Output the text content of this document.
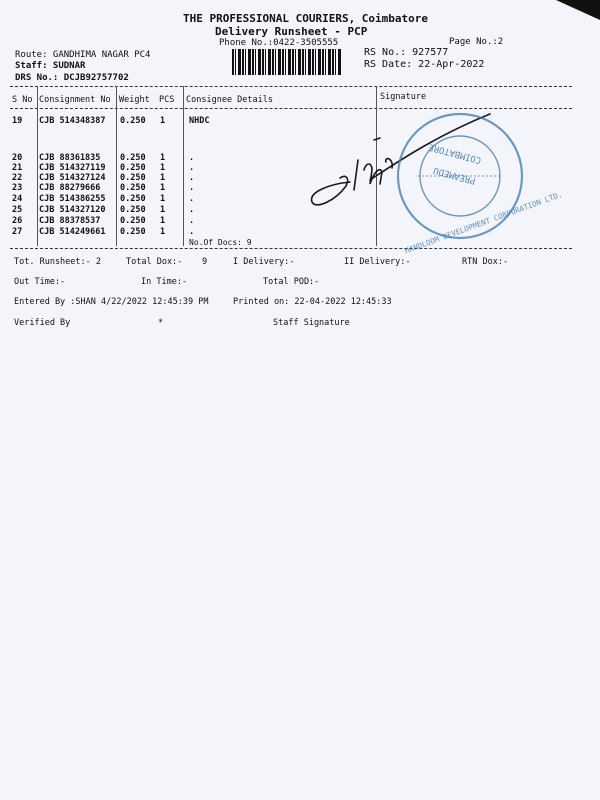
THE PROFESSIONAL COURIERS, Coimbatore
Delivery Runsheet - PCP
Phone No.:0422-3505555	Page No.:2
Route: GANDHIMA NAGAR PC4
Staff: SUDNAR
DRS No.: DCJB92757702
RS No.: 927577
RS Date: 22-Apr-2022
S No Consignment No Weight PCS Consignee Details	Signature
19 CJB 514348387 0.250 1	NHDC
20 CJB 88361835 0.250 1	.
21 CJB 514327119 0.250 1	.
22 CJB 514327124 0.250 1	.
23 CJB 88279666 0.250 1	.
24 CJB 514386255 0.250 1	.
25 CJB 514327120 0.250 1	.
26 CJB 88378537 0.250 1	.
27 CJB 514249661 0.250 1	.
No.Of Docs: 9
COIMBATORE
PREAMEDU
HANDLOOM DEVELOPMENT CORPORATION LTD.
Tot. Runsheet:- 2	Total Dox:- 9	I Delivery:-	II Delivery:-	RTN Dox:-
Out Time:-	In Time:-	Total POD:-
Entered By :SHAN 4/22/2022 12:45:39 PM	Printed on: 22-04-2022 12:45:33
Verified By	*	Staff Signature
